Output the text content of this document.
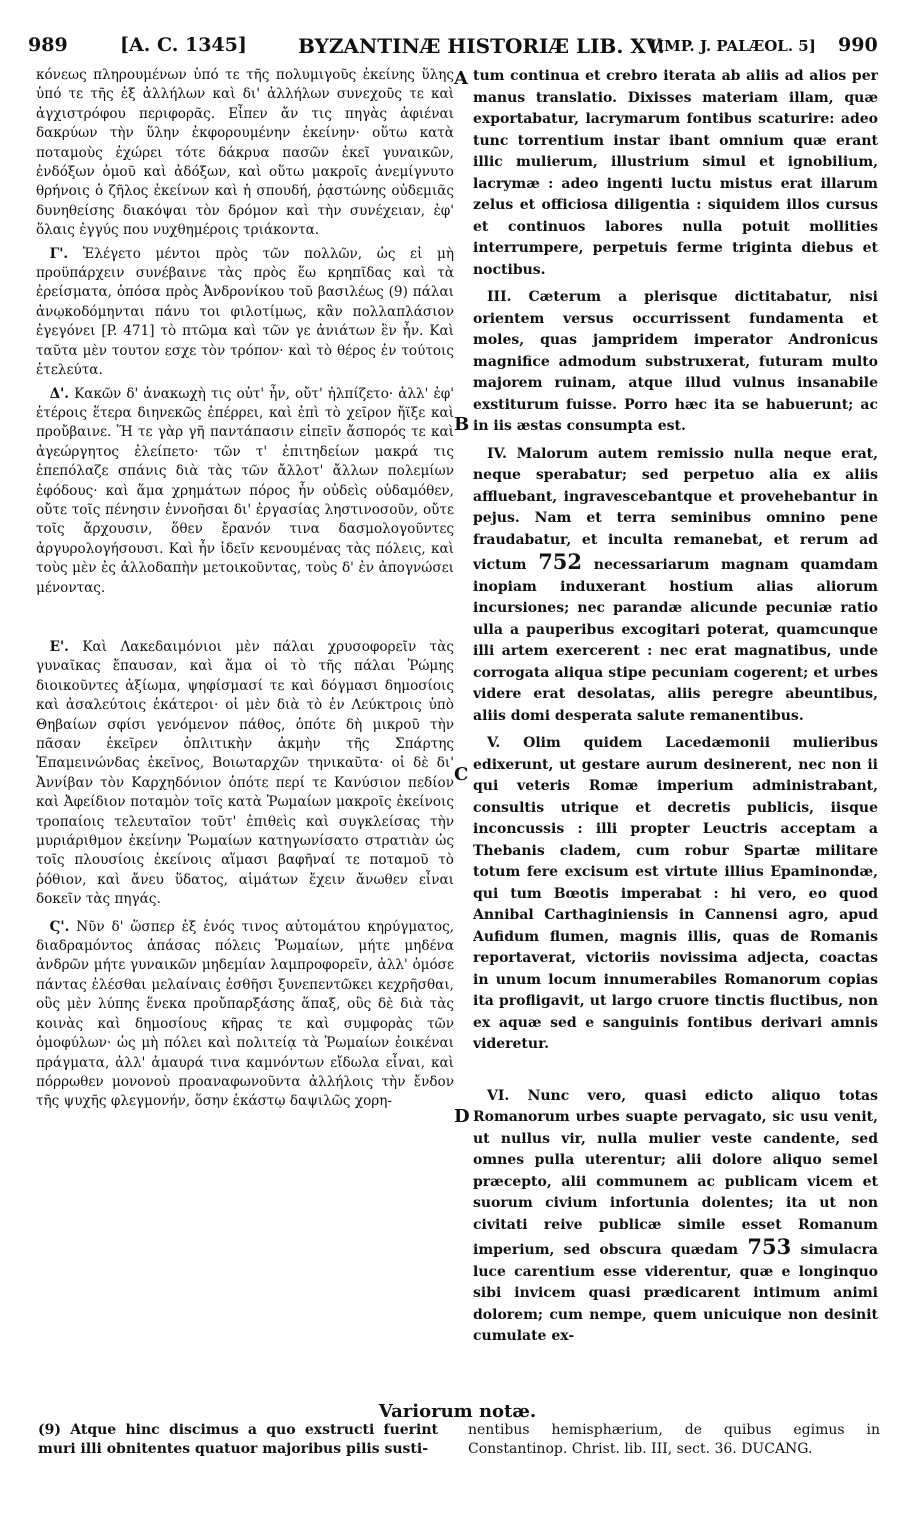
989	[A. C. 1345]	BYZANTINÆ HISTORIÆ LIB. XV.
[IMP. J. PALÆOL. 5] 990
A
B
C
D

κόνεως πληρουμένων ὑπό τε τῆς πολυμιγοῦς ἐκείνης ὕλης ὑπό τε τῆς ἐξ ἀλλήλων καὶ δι' ἀλλήλων συνεχοῦς τε καὶ ἀγχιστρόφου περιφορᾶς. Εἶπεν ἄν τις πηγὰς ἀφιέναι δακρύων τὴν ὕλην ἐκφορουμένην ἐκείνην· οὕτω κατὰ ποταμοὺς ἐχώρει τότε δάκρυα πασῶν ἐκεῖ γυναικῶν, ἐνδόξων ὁμοῦ καὶ ἀδόξων, καὶ οὕτω μακροῖς ἀνεμίγνυτο θρήνοις ὁ ζῆλος ἐκείνων καὶ ἡ σπουδή, ῥᾳστώνης οὐδεμιᾶς δυνηθείσης διακόψαι τὸν δρόμον καὶ τὴν συνέχειαν, ἐφ' ὅλαις ἐγγύς που νυχθημέροις τριάκοντα.

 Γ'. Ἐλέγετο μέντοι πρὸς τῶν πολλῶν, ὡς εἰ μὴ προϋπάρχειν συνέβαινε τὰς πρὸς ἕω κρηπῖδας καὶ τὰ ἐρείσματα, ὁπόσα πρὸς Ἀνδρονίκου τοῦ βασιλέως (9) πάλαι ἀνῳκοδόμηνται πάνυ τοι φιλοτίμως, κἂν πολλαπλάσιον ἐγεγόνει [P. 471] τὸ πτῶμα καὶ τῶν γε ἀνιάτων ἓν ἦν. Καὶ ταῦτα μὲν τουτον εσχε τὸν τρόπον· καὶ τὸ θέρος ἐν τούτοις ἐτελεύτα.

 Δ'. Κακῶν δ' ἀνακωχὴ τις οὐτ' ἦν, οὔτ' ἠλπίζετο· ἀλλ' ἐφ' ἑτέροις ἕτερα διηνεκῶς ἐπέρρει, καὶ ἐπὶ τὸ χεῖρον ἤϊξε καὶ προὔβαινε. Ἥ τε γὰρ γῆ παντάπασιν εἰπεῖν ἄσπορός τε καὶ ἀγεώργητος ἐλείπετο· τῶν τ' ἐπιτηδείων μακρά τις ἐπεπόλαζε σπάνις διὰ τὰς τῶν ἄλλοτ' ἄλλων πολεμίων ἐφόδους· καὶ ἅμα χρημάτων πόρος ἦν οὐδεὶς οὐδαμόθεν, οὔτε τοῖς πένησιν ἐννοῆσαι δι' ἐργασίας ληστινοσοῦν, οὔτε τοῖς ἄρχουσιν, ὅθεν ἔρανόν τινα δασμολογοῦντες ἀργυρολογήσουσι. Καὶ ἦν ἰδεῖν κενουμένας τὰς πόλεις, καὶ τοὺς μὲν ἐς ἀλλοδαπὴν μετοικοῦντας, τοὺς δ' ἐν ἀπογνώσει μένοντας.

 Ε'. Καὶ Λακεδαιμόνιοι μὲν πάλαι χρυσοφορεῖν τὰς γυναῖκας ἔπαυσαν, καὶ ἅμα οἱ τὸ τῆς πάλαι Ῥώμης διοικοῦντες ἀξίωμα, ψηφίσμασί τε καὶ δόγμασι δημοσίοις καὶ ἀσαλεύτοις ἑκάτεροι· οἱ μὲν διὰ τὸ ἐν Λεύκτροις ὑπὸ Θηβαίων σφίσι γενόμενον πάθος, ὁπότε δὴ μικροῦ τὴν πᾶσαν ἐκεῖρεν ὁπλιτικὴν ἀκμὴν τῆς Σπάρτης Ἐπαμεινώνδας ἐκεῖνος, Βοιωταρχῶν τηνικαῦτα· οἱ δὲ δι' Ἀννίβαν τὸν Καρχηδόνιον ὁπότε περί τε Κανύσιον πεδίον καὶ Ἀφείδιον ποταμὸν τοῖς κατὰ Ῥωμαίων μακροῖς ἐκείνοις τροπαίοις τελευταῖον τοῦτ' ἐπιθεὶς καὶ συγκλείσας τὴν μυριάριθμον ἐκείνην Ῥωμαίων κατηγωνίσατο στρατιὰν ὡς τοῖς πλουσίοις ἐκείνοις αἵμασι βαφῆναί τε ποταμοῦ τὸ ῥόθιον, καὶ ἄνευ ὕδατος, αἱμάτων ἔχειν ἄνωθεν εἶναι δοκεῖν τὰς πηγάς.

 Ϛ'. Νῦν δ' ὥσπερ ἐξ ἑνός τινος αὐτομάτου κηρύγματος, διαδραμόντος ἁπάσας πόλεις Ῥωμαίων, μήτε μηδένα ἀνδρῶν μήτε γυναικῶν μηδεμίαν λαμπροφορεῖν, ἀλλ' ὁμόσε πάντας ἐλέσθαι μελαίναις ἐσθῆσι ξυνεπεντῶκει κεχρῆσθαι, οὓς μὲν λύπης ἕνεκα προὔπαρξάσης ἅπαξ, οὓς δὲ διὰ τὰς κοινὰς καὶ δημοσίους κῆρας τε καὶ συμφορὰς τῶν ὁμοφύλων· ὡς μὴ πόλει καὶ πολιτείᾳ τὰ Ῥωμαίων ἐοικέναι πράγματα, ἀλλ' ἀμαυρά τινα καμνόντων εἴδωλα εἶναι, καὶ πόρρωθεν μονονοὺ προαναφωνοῦντα ἀλλήλοις τὴν ἔνδον τῆς ψυχῆς φλεγμονήν, ὅσην ἑκάστῳ δαψιλῶς χορη-

tum continua et crebro iterata ab aliis ad alios per manus translatio. Dixisses materiam illam, quæ exportabatur, lacrymarum fontibus scaturire: adeo tunc torrentium instar ibant omnium quæ erant illic mulierum, illustrium simul et ignobilium, lacrymæ : adeo ingenti luctu mistus erat illarum zelus et officiosa diligentia : siquidem illos cursus et continuos labores nulla potuit mollities interrumpere, perpetuis ferme triginta diebus et noctibus.

 III. Cæterum a plerisque dictitabatur, nisi orientem versus occurrissent fundamenta et moles, quas jampridem imperator Andronicus magnifice admodum substruxerat, futuram multo majorem ruinam, atque illud vulnus insanabile exstiturum fuisse. Porro hæc ita se habuerunt; ac in iis æstas consumpta est.

 IV. Malorum autem remissio nulla neque erat, neque sperabatur; sed perpetuo alia ex aliis affluebant, ingravescebantque et provehebantur in pejus. Nam et terra seminibus omnino pene fraudabatur, et inculta remanebat, et rerum ad victum 752 necessariarum magnam quamdam inopiam induxerant hostium alias aliorum incursiones; nec parandæ alicunde pecuniæ ratio ulla a pauperibus excogitari poterat, quamcunque illi artem exercerent : nec erat magnatibus, unde corrogata aliqua stipe pecuniam cogerent; et urbes videre erat desolatas, aliis peregre abeuntibus, aliis domi desperata salute remanentibus.

 V. Olim quidem Lacedæmonii mulieribus edixerunt, ut gestare aurum desinerent, nec non ii qui veteris Romæ imperium administrabant, consultis utrique et decretis publicis, iisque inconcussis : illi propter Leuctris acceptam a Thebanis cladem, cum robur Spartæ militare totum fere excisum est virtute illius Epaminondæ, qui tum Bœotis imperabat : hi vero, eo quod Annibal Carthaginiensis in Cannensi agro, apud Aufidum flumen, magnis illis, quas de Romanis reportaverat, victoriis novissima adjecta, coactas in unum locum innumerabiles Romanorum copias ita profligavit, ut largo cruore tinctis fluctibus, non ex aquæ sed e sanguinis fontibus derivari amnis videretur.

 VI. Nunc vero, quasi edicto aliquo totas Romanorum urbes suapte pervagato, sic usu venit, ut nullus vir, nulla mulier veste candente, sed omnes pulla uterentur; alii dolore aliquo semel præcepto, alii communem ac publicam vicem et suorum civium infortunia dolentes; ita ut non civitati reive publicæ simile esset Romanum imperium, sed obscura quædam 753 simulacra luce carentium esse viderentur, quæ e longinquo sibi invicem quasi prædicarent intimum animi dolorem; cum nempe, quem unicuique non desinit cumulate ex-

Variorum notæ.
(9) Atque hinc discimus a quo exstructi fuerint muri illi obnitentes quatuor majoribus pilis susti-
nentibus hemisphærium, de quibus egimus in Constantinop. Christ. lib. III, sect. 36. DUCANG.
